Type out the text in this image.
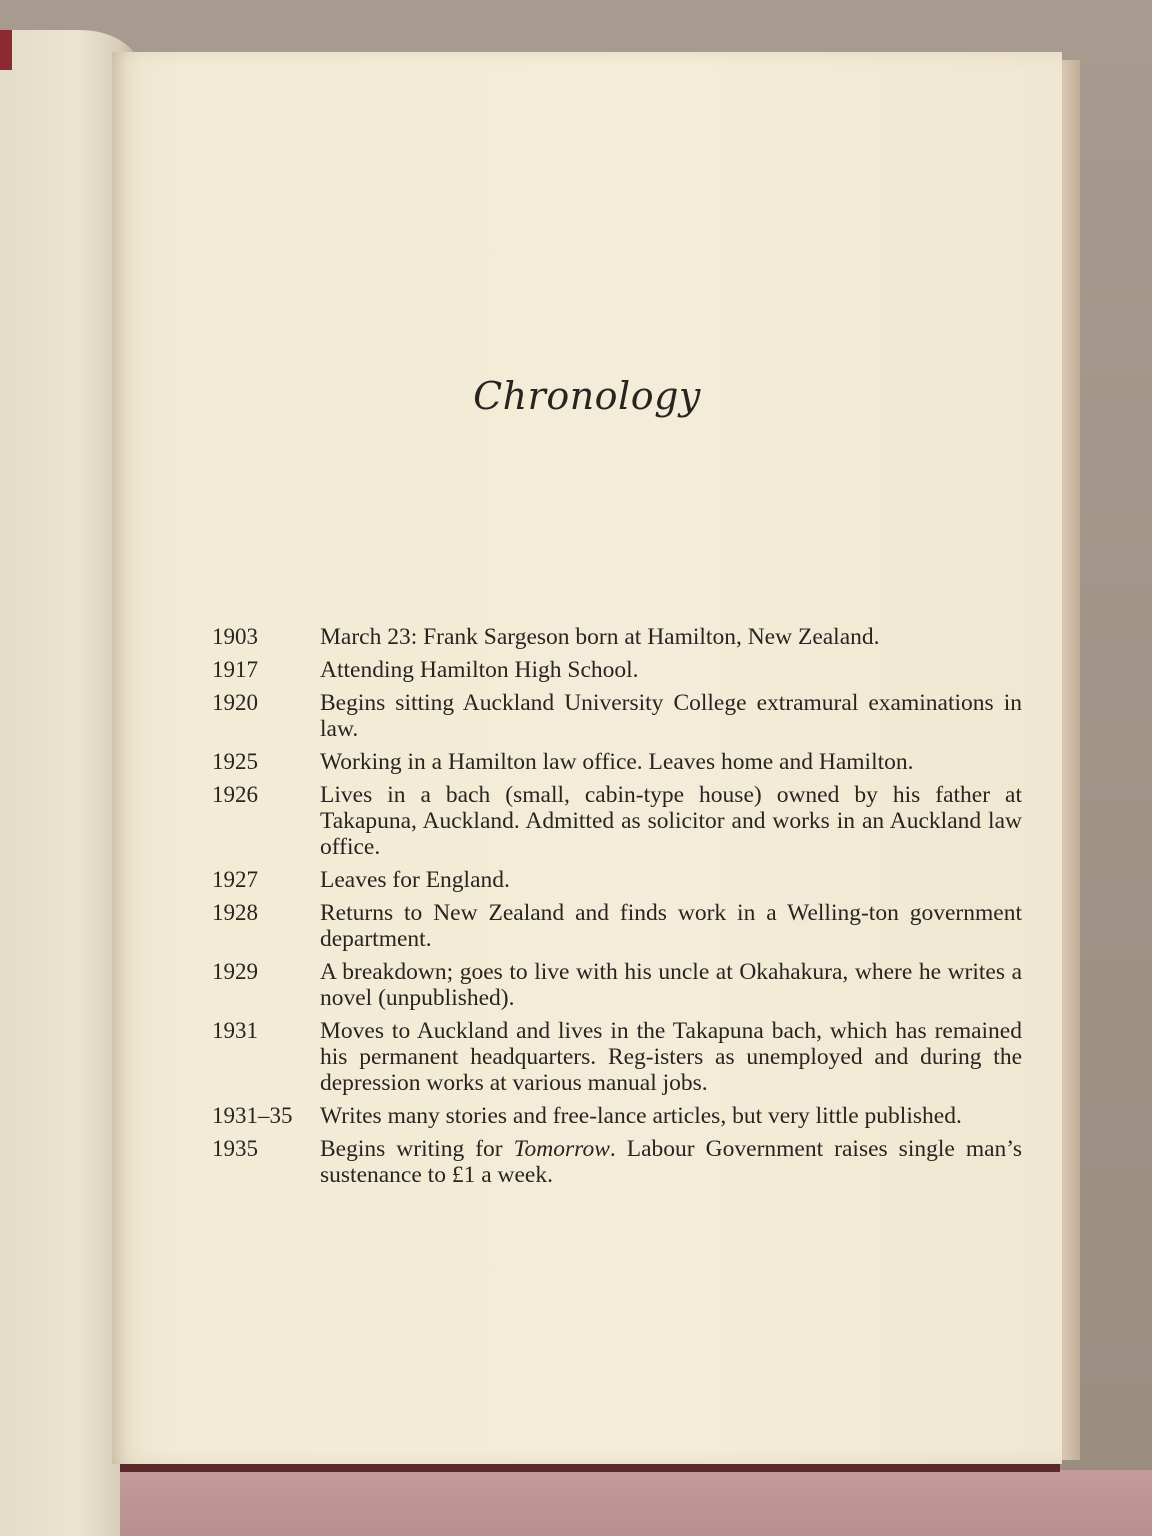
Chronology
1903	March 23: Frank Sargeson born at Hamilton, New Zealand.
1917	Attending Hamilton High School.
1920	Begins sitting Auckland University College extramural examinations in law.
1925	Working in a Hamilton law office. Leaves home and Hamilton.
1926	Lives in a bach (small, cabin-type house) owned by his father at Takapuna, Auckland. Admitted as solicitor and works in an Auckland law office.
1927	Leaves for England.
1928	Returns to New Zealand and finds work in a Welling-ton government department.
1929	A breakdown; goes to live with his uncle at Okahakura, where he writes a novel (unpublished).
1931	Moves to Auckland and lives in the Takapuna bach, which has remained his permanent headquarters. Reg-isters as unemployed and during the depression works at various manual jobs.
1931–35	Writes many stories and free-lance articles, but very little published.
1935	Begins writing for Tomorrow. Labour Government raises single man’s sustenance to £1 a week.
